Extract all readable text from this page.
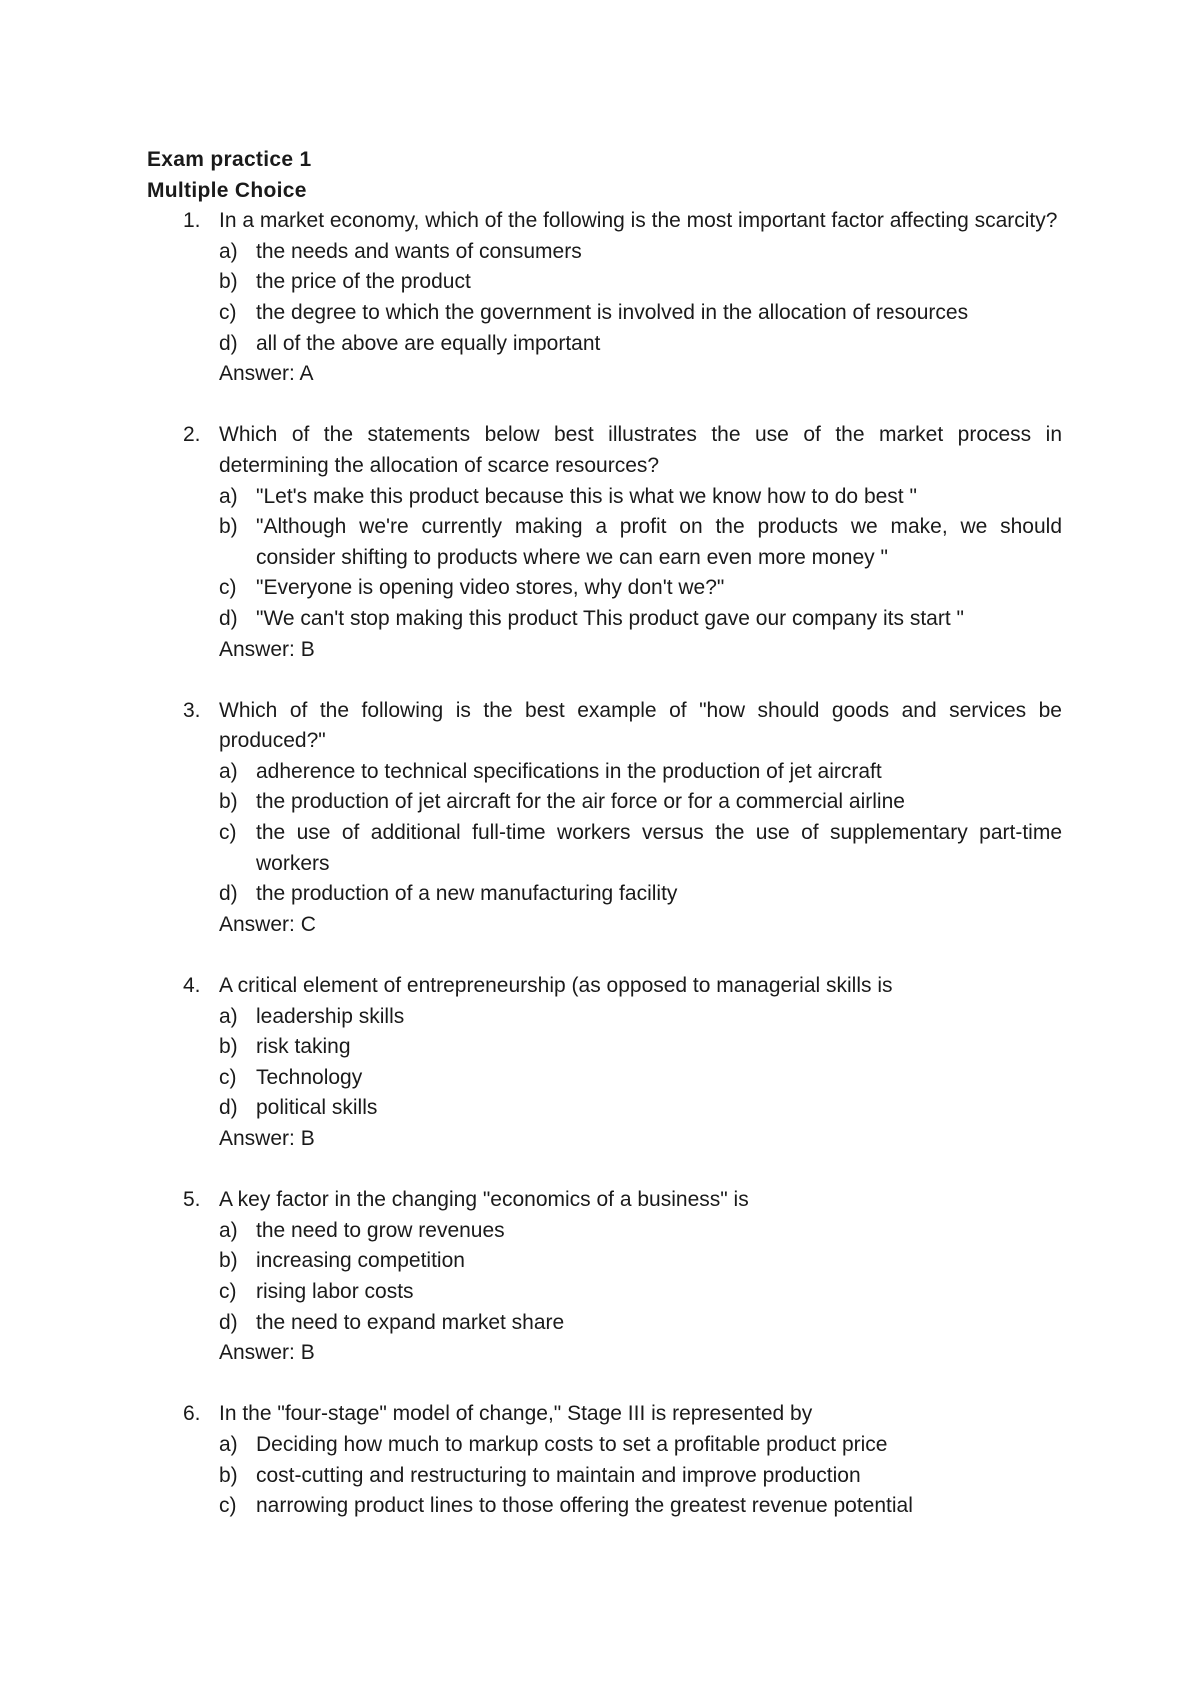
Exam practice 1
Multiple Choice
1. In a market economy, which of the following is the most important factor affecting scarcity?
a) the needs and wants of consumers
b) the price of the product
c) the degree to which the government is involved in the allocation of resources
d) all of the above are equally important
Answer: A
2. Which of the statements below best illustrates the use of the market process in determining the allocation of scarce resources?
a) "Let's make this product because this is what we know how to do best "
b) "Although we're currently making a profit on the products we make, we should consider shifting to products where we can earn even more money "
c) "Everyone is opening video stores, why don't we?"
d) "We can't stop making this product This product gave our company its start "
Answer: B
3. Which of the following is the best example of "how should goods and services be produced?"
a) adherence to technical specifications in the production of jet aircraft
b) the production of jet aircraft for the air force or for a commercial airline
c) the use of additional full-time workers versus the use of supplementary part-time workers
d) the production of a new manufacturing facility
Answer: C
4. A critical element of entrepreneurship (as opposed to managerial skills is
a) leadership skills
b) risk taking
c) Technology
d) political skills
Answer: B
5. A key factor in the changing "economics of a business" is
a) the need to grow revenues
b) increasing competition
c) rising labor costs
d) the need to expand market share
Answer: B
6. In the "four-stage" model of change," Stage III is represented by
a) Deciding how much to markup costs to set a profitable product price
b) cost-cutting and restructuring to maintain and improve production
c) narrowing product lines to those offering the greatest revenue potential
